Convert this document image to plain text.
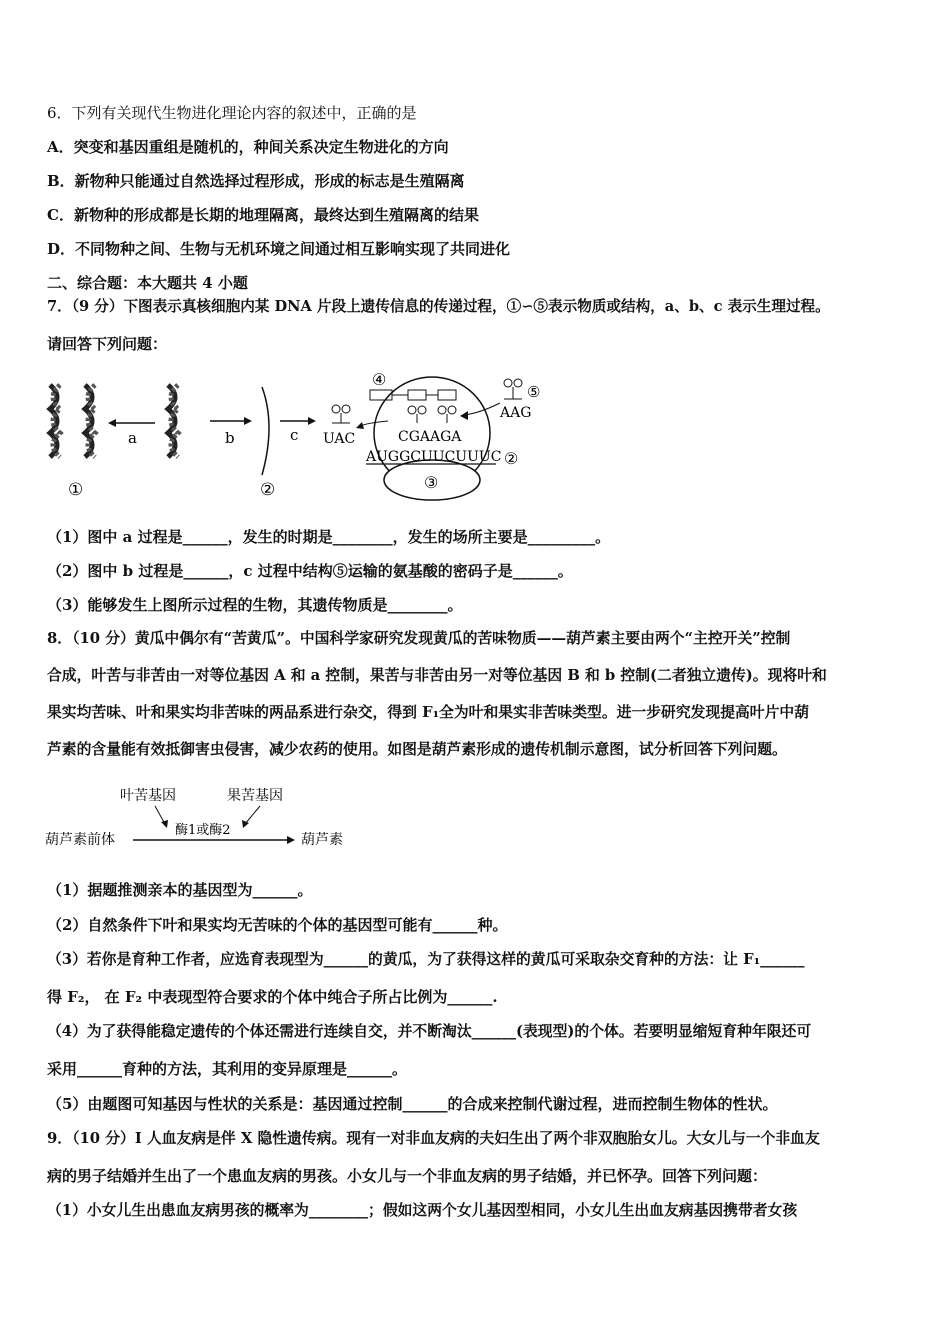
6．下列有关现代生物进化理论内容的叙述中，正确的是
A．突变和基因重组是随机的，种间关系决定生物进化的方向
B．新物种只能通过自然选择过程形成，形成的标志是生殖隔离
C．新物种的形成都是长期的地理隔离，最终达到生殖隔离的结果
D．不同物种之间、生物与无机环境之间通过相互影响实现了共同进化
二、综合题：本大题共 4 小题
7．（9 分）下图表示真核细胞内某 DNA 片段上遗传信息的传递过程，①∽⑤表示物质或结构，a、b、c 表示生理过程。
请回答下列问题：
①
a	b
②
c UAC
③
④
CGAAGA
AUGGCUUCUUUC ②
⑤
AAG
（1）图中 a 过程是______，发生的时期是________，发生的场所主要是_________。
（2）图中 b 过程是______，c 过程中结构⑤运输的氨基酸的密码子是______。
（3）能够发生上图所示过程的生物，其遗传物质是________。
8．（10 分）黄瓜中偶尔有“苦黄瓜”。中国科学家研究发现黄瓜的苦味物质——葫芦素主要由两个“主控开关”控制
合成，叶苦与非苦由一对等位基因 A 和 a 控制，果苦与非苦由另一对等位基因 B 和 b 控制(二者独立遗传)。现将叶和
果实均苦味、叶和果实均非苦味的两品系进行杂交，得到 F₁全为叶和果实非苦味类型。进一步研究发现提高叶片中葫
芦素的含量能有效抵御害虫侵害，减少农药的使用。如图是葫芦素形成的遗传机制示意图，试分析回答下列问题。
叶苦基因	果苦基因
酶1或酶2
葫芦素前体	葫芦素
（1）据题推测亲本的基因型为______。
（2）自然条件下叶和果实均无苦味的个体的基因型可能有______种。
（3）若你是育种工作者，应选育表现型为______的黄瓜，为了获得这样的黄瓜可采取杂交育种的方法：让 F₁______
得 F₂， 在 F₂ 中表现型符合要求的个体中纯合子所占比例为______.
（4）为了获得能稳定遗传的个体还需进行连续自交，并不断淘汰______(表现型)的个体。若要明显缩短育种年限还可
采用______育种的方法，其利用的变异原理是______。
（5）由题图可知基因与性状的关系是：基因通过控制______的合成来控制代谢过程，进而控制生物体的性状。
9．（10 分）I 人血友病是伴 X 隐性遗传病。现有一对非血友病的夫妇生出了两个非双胞胎女儿。大女儿与一个非血友
病的男子结婚并生出了一个患血友病的男孩。小女儿与一个非血友病的男子结婚，并已怀孕。回答下列问题：
（1）小女儿生出患血友病男孩的概率为________；假如这两个女儿基因型相同，小女儿生出血友病基因携带者女孩
